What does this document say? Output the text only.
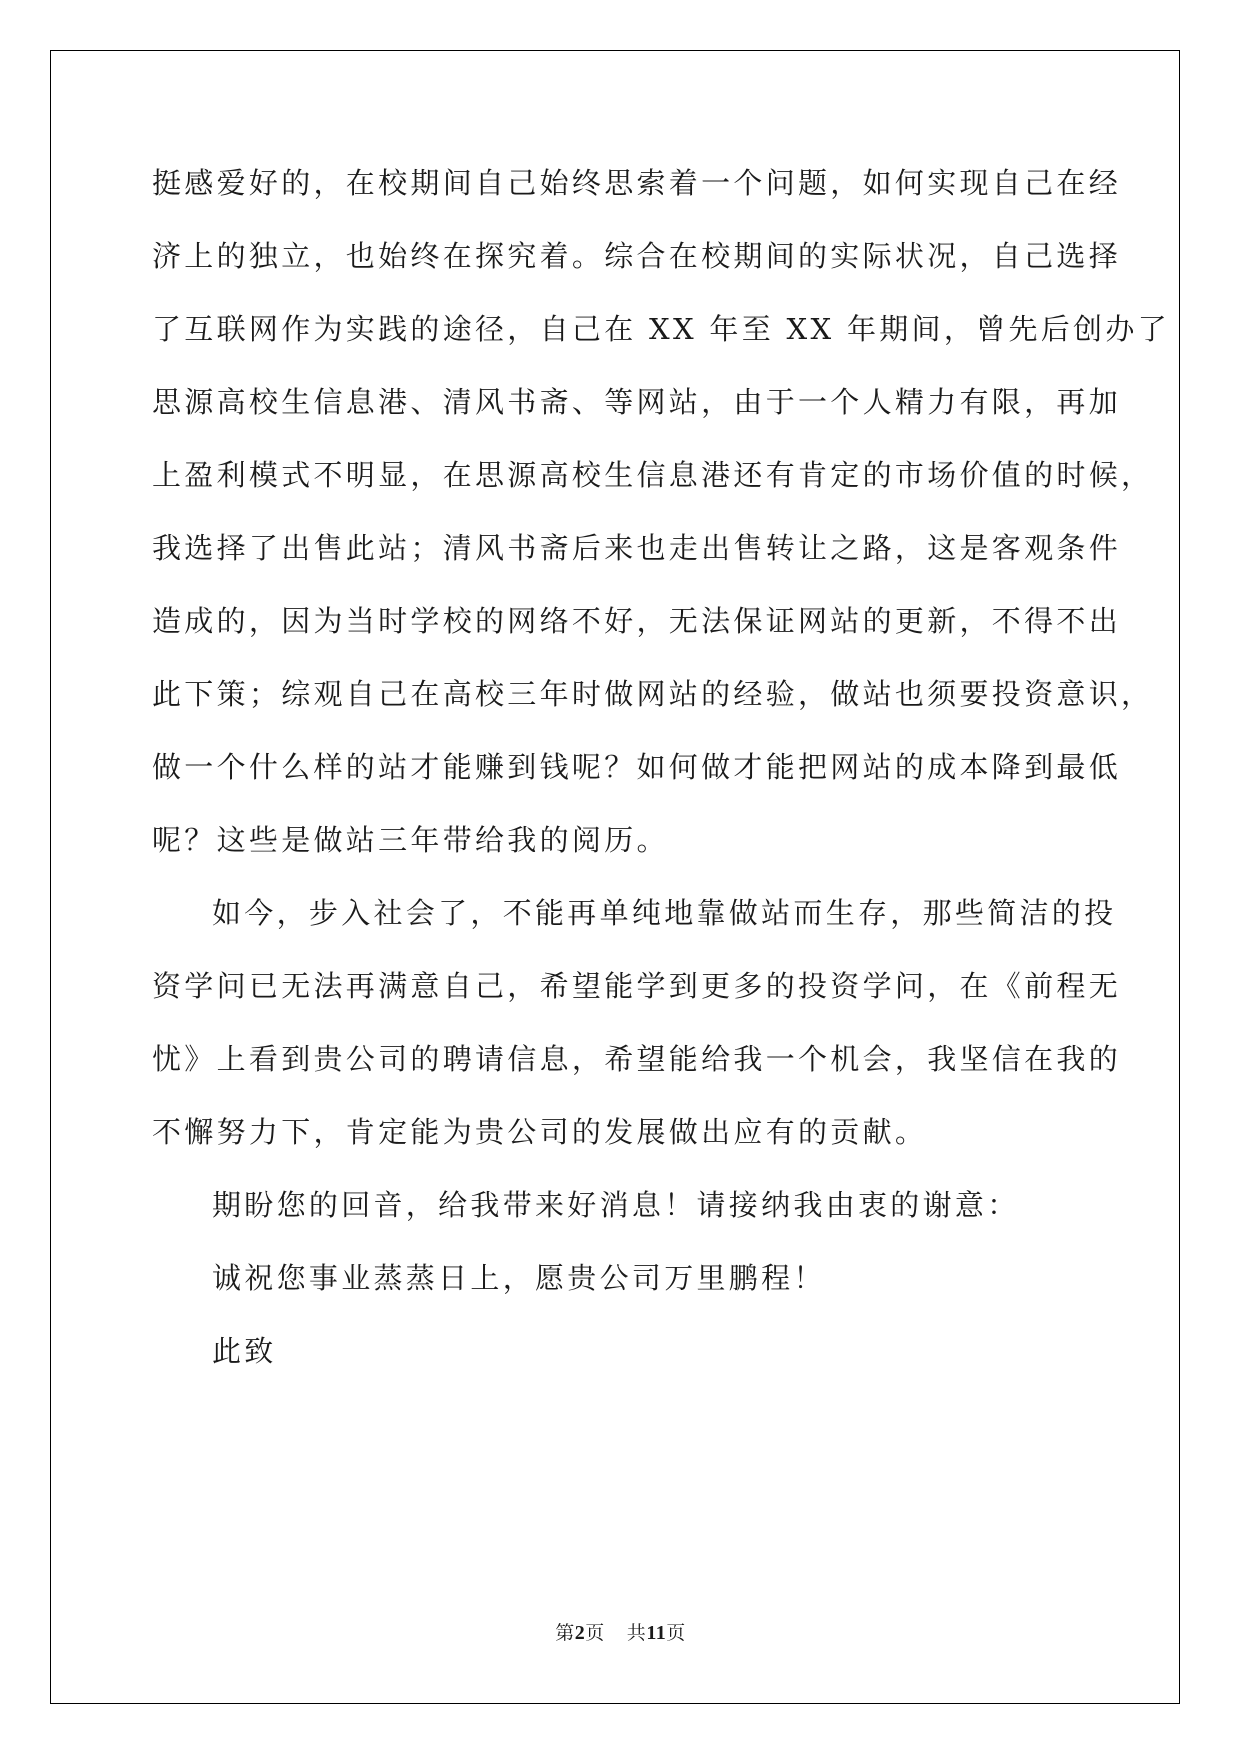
挺感爱好的，在校期间自己始终思索着一个问题，如何实现自己在经
济上的独立，也始终在探究着。综合在校期间的实际状况，自己选择
了互联网作为实践的途径，自己在 XX 年至 XX 年期间，曾先后创办了
思源高校生信息港、清风书斋、等网站，由于一个人精力有限，再加
上盈利模式不明显，在思源高校生信息港还有肯定的市场价值的时候，
我选择了出售此站；清风书斋后来也走出售转让之路，这是客观条件
造成的，因为当时学校的网络不好，无法保证网站的更新，不得不出
此下策；综观自己在高校三年时做网站的经验，做站也须要投资意识，
做一个什么样的站才能赚到钱呢？如何做才能把网站的成本降到最低
呢？这些是做站三年带给我的阅历。
如今，步入社会了，不能再单纯地靠做站而生存，那些简洁的投
资学问已无法再满意自己，希望能学到更多的投资学问，在《前程无
忧》上看到贵公司的聘请信息，希望能给我一个机会，我坚信在我的
不懈努力下，肯定能为贵公司的发展做出应有的贡献。
期盼您的回音，给我带来好消息！请接纳我由衷的谢意：
诚祝您事业蒸蒸日上，愿贵公司万里鹏程！
此致
第2页 共11页
